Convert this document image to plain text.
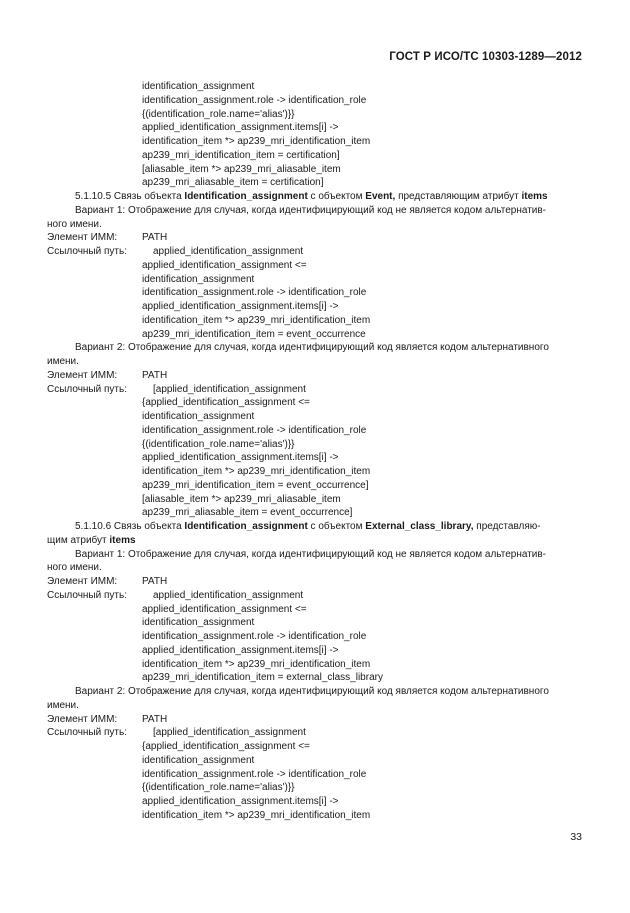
ГОСТ Р ИСО/ТС 10303-1289—2012
identification_assignment
identification_assignment.role -> identification_role
{(identification_role.name='alias')}}
applied_identification_assignment.items[i] ->
identification_item *> ap239_mri_identification_item
ap239_mri_identification_item = certification]
[aliasable_item *> ap239_mri_aliasable_item
ap239_mri_aliasable_item = certification]
5.1.10.5 Связь объекта Identification_assignment с объектом Event, представляющим атрибут items
Вариант 1: Отображение для случая, когда идентифицирующий код не является кодом альтернатив-
ного имени.
Элемент ИММ: PATH
Ссылочный путь:	applied_identification_assignment
applied_identification_assignment <=
identification_assignment
identification_assignment.role -> identification_role
applied_identification_assignment.items[i] ->
identification_item *> ap239_mri_identification_item
ap239_mri_identification_item = event_occurrence
Вариант 2: Отображение для случая, когда идентифицирующий код является кодом альтернативного
имени.
Элемент ИММ: PATH
Ссылочный путь:	[applied_identification_assignment
{applied_identification_assignment <=
identification_assignment
identification_assignment.role -> identification_role
{(identification_role.name='alias')}}
applied_identification_assignment.items[i] ->
identification_item *> ap239_mri_identification_item
ap239_mri_identification_item = event_occurrence]
[aliasable_item *> ap239_mri_aliasable_item
ap239_mri_aliasable_item = event_occurrence]
5.1.10.6 Связь объекта Identification_assignment с объектом External_class_library, представляю-
щим атрибут items
Вариант 1: Отображение для случая, когда идентифицирующий код не является кодом альтернатив-
ного имени.
Элемент ИММ: PATH
Ссылочный путь:	applied_identification_assignment
applied_identification_assignment <=
identification_assignment
identification_assignment.role -> identification_role
applied_identification_assignment.items[i] ->
identification_item *> ap239_mri_identification_item
ap239_mri_identification_item = external_class_library
Вариант 2: Отображение для случая, когда идентифицирующий код является кодом альтернативного
имени.
Элемент ИММ: PATH
Ссылочный путь:	[applied_identification_assignment
{applied_identification_assignment <=
identification_assignment
identification_assignment.role -> identification_role
{(identification_role.name='alias')}}
applied_identification_assignment.items[i] ->
identification_item *> ap239_mri_identification_item
33
